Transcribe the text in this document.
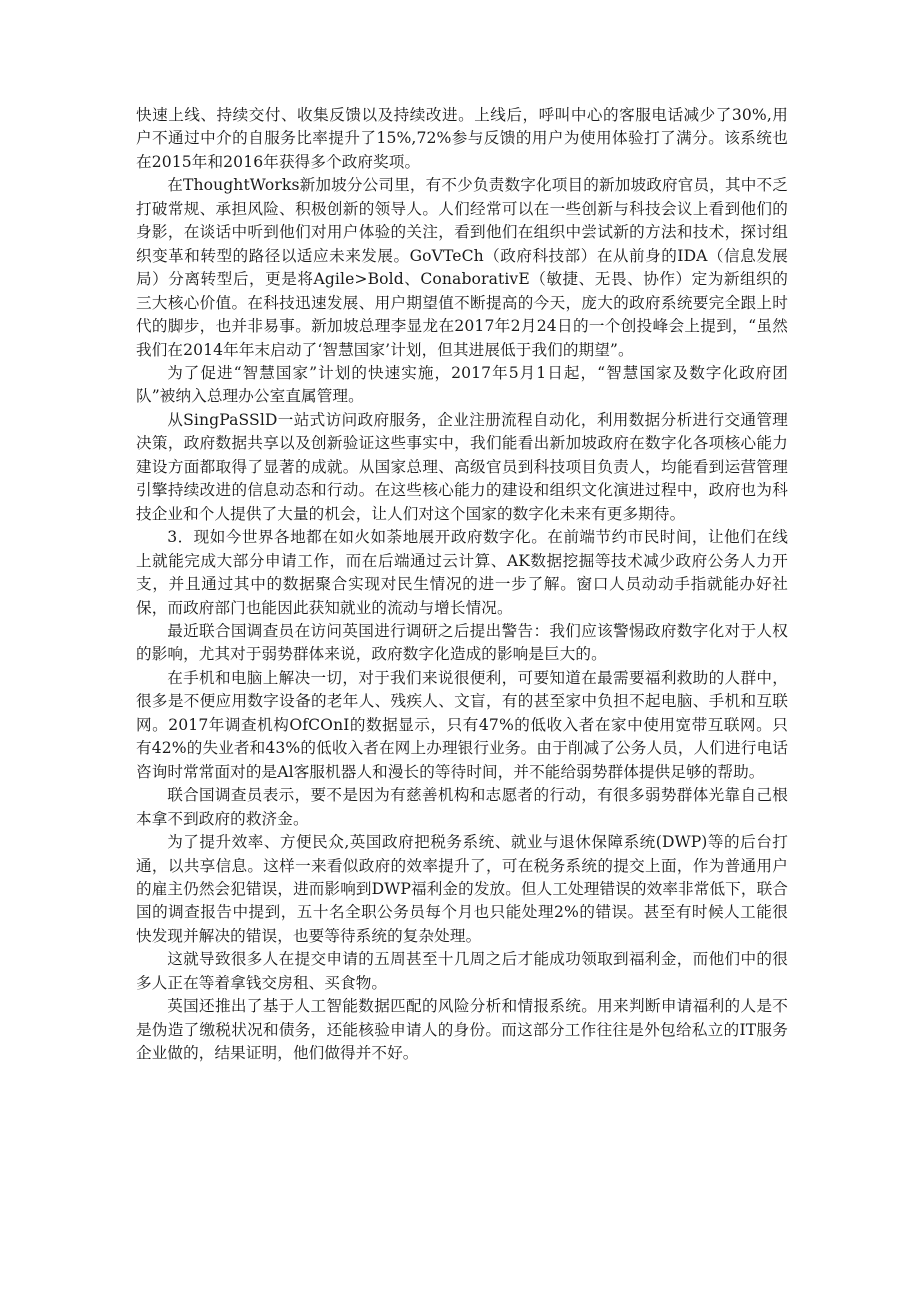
快速上线、持续交付、收集反馈以及持续改进。上线后，呼叫中心的客服电话减少了30%,用户不通过中介的自服务比率提升了15%,72%参与反馈的用户为使用体验打了满分。该系统也在2015年和2016年获得多个政府奖项。

在ThoughtWorks新加坡分公司里，有不少负责数字化项目的新加坡政府官员，其中不乏打破常规、承担风险、积极创新的领导人。人们经常可以在一些创新与科技会议上看到他们的身影，在谈话中听到他们对用户体验的关注，看到他们在组织中尝试新的方法和技术，探讨组织变革和转型的路径以适应未来发展。GoVTeCh（政府科技部）在从前身的IDA（信息发展局）分离转型后，更是将Agile>Bold、ConaborativE（敏捷、无畏、协作）定为新组织的三大核心价值。在科技迅速发展、用户期望值不断提高的今天，庞大的政府系统要完全跟上时代的脚步，也并非易事。新加坡总理李显龙在2017年2月24日的一个创投峰会上提到，“虽然我们在2014年年末启动了‘智慧国家’计划，但其进展低于我们的期望”。

为了促进“智慧国家”计划的快速实施，2017年5月1日起，“智慧国家及数字化政府团队”被纳入总理办公室直属管理。

从SingPaSSlD一站式访问政府服务，企业注册流程自动化，利用数据分析进行交通管理决策，政府数据共享以及创新验证这些事实中，我们能看出新加坡政府在数字化各项核心能力建设方面都取得了显著的成就。从国家总理、高级官员到科技项目负责人，均能看到运营管理引擎持续改进的信息动态和行动。在这些核心能力的建设和组织文化演进过程中，政府也为科技企业和个人提供了大量的机会，让人们对这个国家的数字化未来有更多期待。

3．现如今世界各地都在如火如荼地展开政府数字化。在前端节约市民时间，让他们在线上就能完成大部分申请工作，而在后端通过云计算、AK数据挖掘等技术减少政府公务人力开支，并且通过其中的数据聚合实现对民生情况的进一步了解。窗口人员动动手指就能办好社保，而政府部门也能因此获知就业的流动与增长情况。

最近联合国调查员在访问英国进行调研之后提出警告：我们应该警惕政府数字化对于人权的影响，尤其对于弱势群体来说，政府数字化造成的影响是巨大的。

在手机和电脑上解决一切，对于我们来说很便利，可要知道在最需要福利救助的人群中，很多是不便应用数字设备的老年人、残疾人、文盲，有的甚至家中负担不起电脑、手机和互联网。2017年调查机构OfCOnI的数据显示，只有47%的低收入者在家中使用宽带互联网。只有42%的失业者和43%的低收入者在网上办理银行业务。由于削减了公务人员，人们进行电话咨询时常常面对的是Al客服机器人和漫长的等待时间，并不能给弱势群体提供足够的帮助。

联合国调查员表示，要不是因为有慈善机构和志愿者的行动，有很多弱势群体光靠自己根本拿不到政府的救济金。

为了提升效率、方便民众,英国政府把税务系统、就业与退休保障系统(DWP)等的后台打通，以共享信息。这样一来看似政府的效率提升了，可在税务系统的提交上面，作为普通用户的雇主仍然会犯错误，进而影响到DWP福利金的发放。但人工处理错误的效率非常低下，联合国的调查报告中提到，五十名全职公务员每个月也只能处理2%的错误。甚至有时候人工能很快发现并解决的错误，也要等待系统的复杂处理。

这就导致很多人在提交申请的五周甚至十几周之后才能成功领取到福利金，而他们中的很多人正在等着拿钱交房租、买食物。

英国还推出了基于人工智能数据匹配的风险分析和情报系统。用来判断申请福利的人是不是伪造了缴税状况和债务，还能核验申请人的身份。而这部分工作往往是外包给私立的IT服务企业做的，结果证明，他们做得并不好。
